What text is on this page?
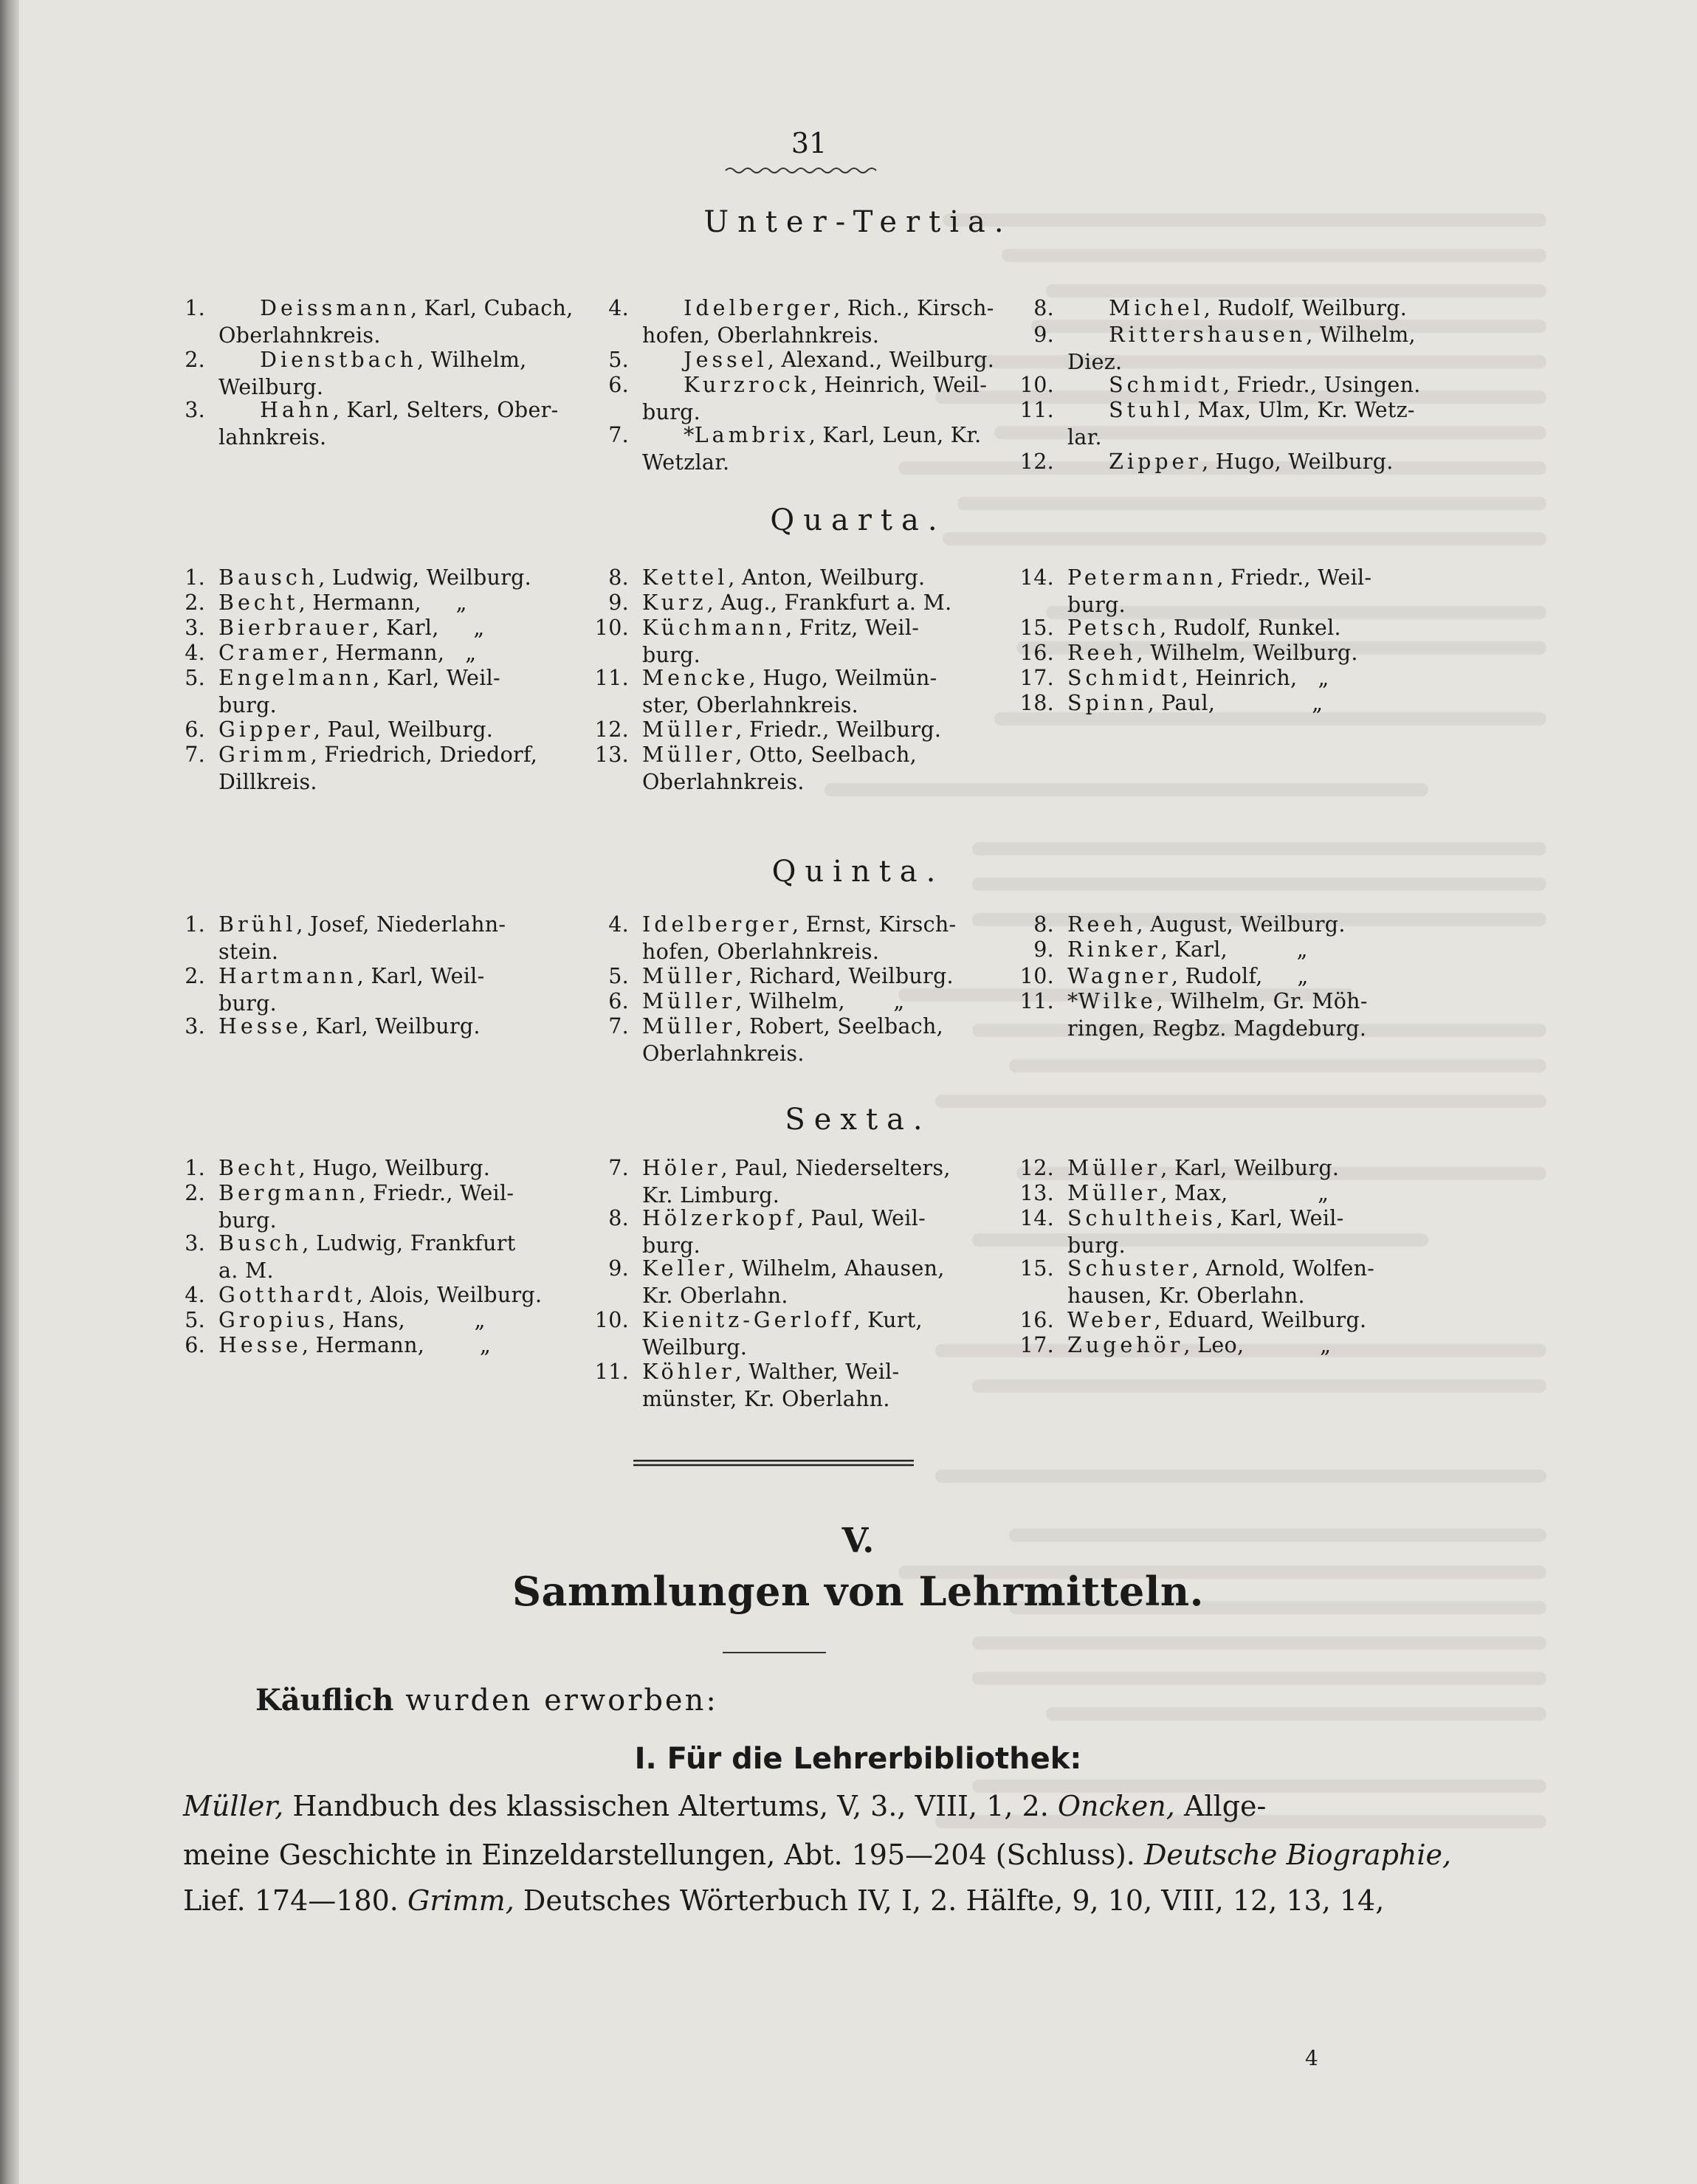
31
Unter-Tertia.

1.	Deissmann, Karl, Cubach,
Oberlahnkreis.

2.	Dienstbach, Wilhelm,
Weilburg.

3.	Hahn, Karl, Selters, Ober-
lahnkreis.

4.	Idelberger, Rich., Kirsch-
hofen, Oberlahnkreis.

5.	Jessel, Alexand., Weilburg.

6.	Kurzrock, Heinrich, Weil-
burg.

7.	*Lambrix, Karl, Leun, Kr.
Wetzlar.

8.	Michel, Rudolf, Weilburg.

9.	Rittershausen, Wilhelm,
Diez.

10.	Schmidt, Friedr., Usingen.

11.	Stuhl, Max, Ulm, Kr. Wetz-
lar.

12.	Zipper, Hugo, Weilburg.

Quarta.
1. Bausch, Ludwig, Weilburg.
2. Becht, Hermann,     „
3. Bierbrauer, Karl,     „
4. Cramer, Hermann,   „
5. Engelmann, Karl, Weil-
burg.
6. Gipper, Paul, Weilburg.
7. Grimm, Friedrich, Driedorf,
Dillkreis.
8. Kettel, Anton, Weilburg.
9. Kurz, Aug., Frankfurt a. M.
10. Küchmann, Fritz, Weil-
burg.
11. Mencke, Hugo, Weilmün-
ster, Oberlahnkreis.
12. Müller, Friedr., Weilburg.
13. Müller, Otto, Seelbach,
Oberlahnkreis.
14. Petermann, Friedr., Weil-
burg.
15. Petsch, Rudolf, Runkel.
16. Reeh, Wilhelm, Weilburg.
17. Schmidt, Heinrich,   „
18. Spinn, Paul,              „
Quinta.
1. Brühl, Josef, Niederlahn-
stein.
2. Hartmann, Karl, Weil-
burg.
3. Hesse, Karl, Weilburg.
4. Idelberger, Ernst, Kirsch-
hofen, Oberlahnkreis.
5. Müller, Richard, Weilburg.
6. Müller, Wilhelm,       „
7. Müller, Robert, Seelbach,
Oberlahnkreis.
8. Reeh, August, Weilburg.
9. Rinker, Karl,          „
10. Wagner, Rudolf,     „
11. *Wilke, Wilhelm, Gr. Möh-
ringen, Regbz. Magdeburg.
Sexta.
1. Becht, Hugo, Weilburg.
2. Bergmann, Friedr., Weil-
burg.
3. Busch, Ludwig, Frankfurt
a. M.
4. Gotthardt, Alois, Weilburg.
5. Gropius, Hans,          „
6. Hesse, Hermann,        „
7. Höler, Paul, Niederselters,
Kr. Limburg.
8. Hölzerkopf, Paul, Weil-
burg.
9. Keller, Wilhelm, Ahausen,
Kr. Oberlahn.
10. Kienitz-Gerloff, Kurt,
Weilburg.
11. Köhler, Walther, Weil-
münster, Kr. Oberlahn.
12. Müller, Karl, Weilburg.
13. Müller, Max,             „
14. Schultheis, Karl, Weil-
burg.
15. Schuster, Arnold, Wolfen-
hausen, Kr. Oberlahn.
16. Weber, Eduard, Weilburg.
17. Zugehör, Leo,           „
V.
Sammlungen von Lehrmitteln.
Käuflich wurden erworben:
I. Für die Lehrerbibliothek:
Müller, Handbuch des klassischen Altertums, V, 3., VIII, 1, 2. Oncken, Allge-
meine Geschichte in Einzeldarstellungen, Abt. 195—204 (Schluss). Deutsche Biographie,
Lief. 174—180. Grimm, Deutsches Wörterbuch IV, I, 2. Hälfte, 9, 10, VIII, 12, 13, 14,
4
